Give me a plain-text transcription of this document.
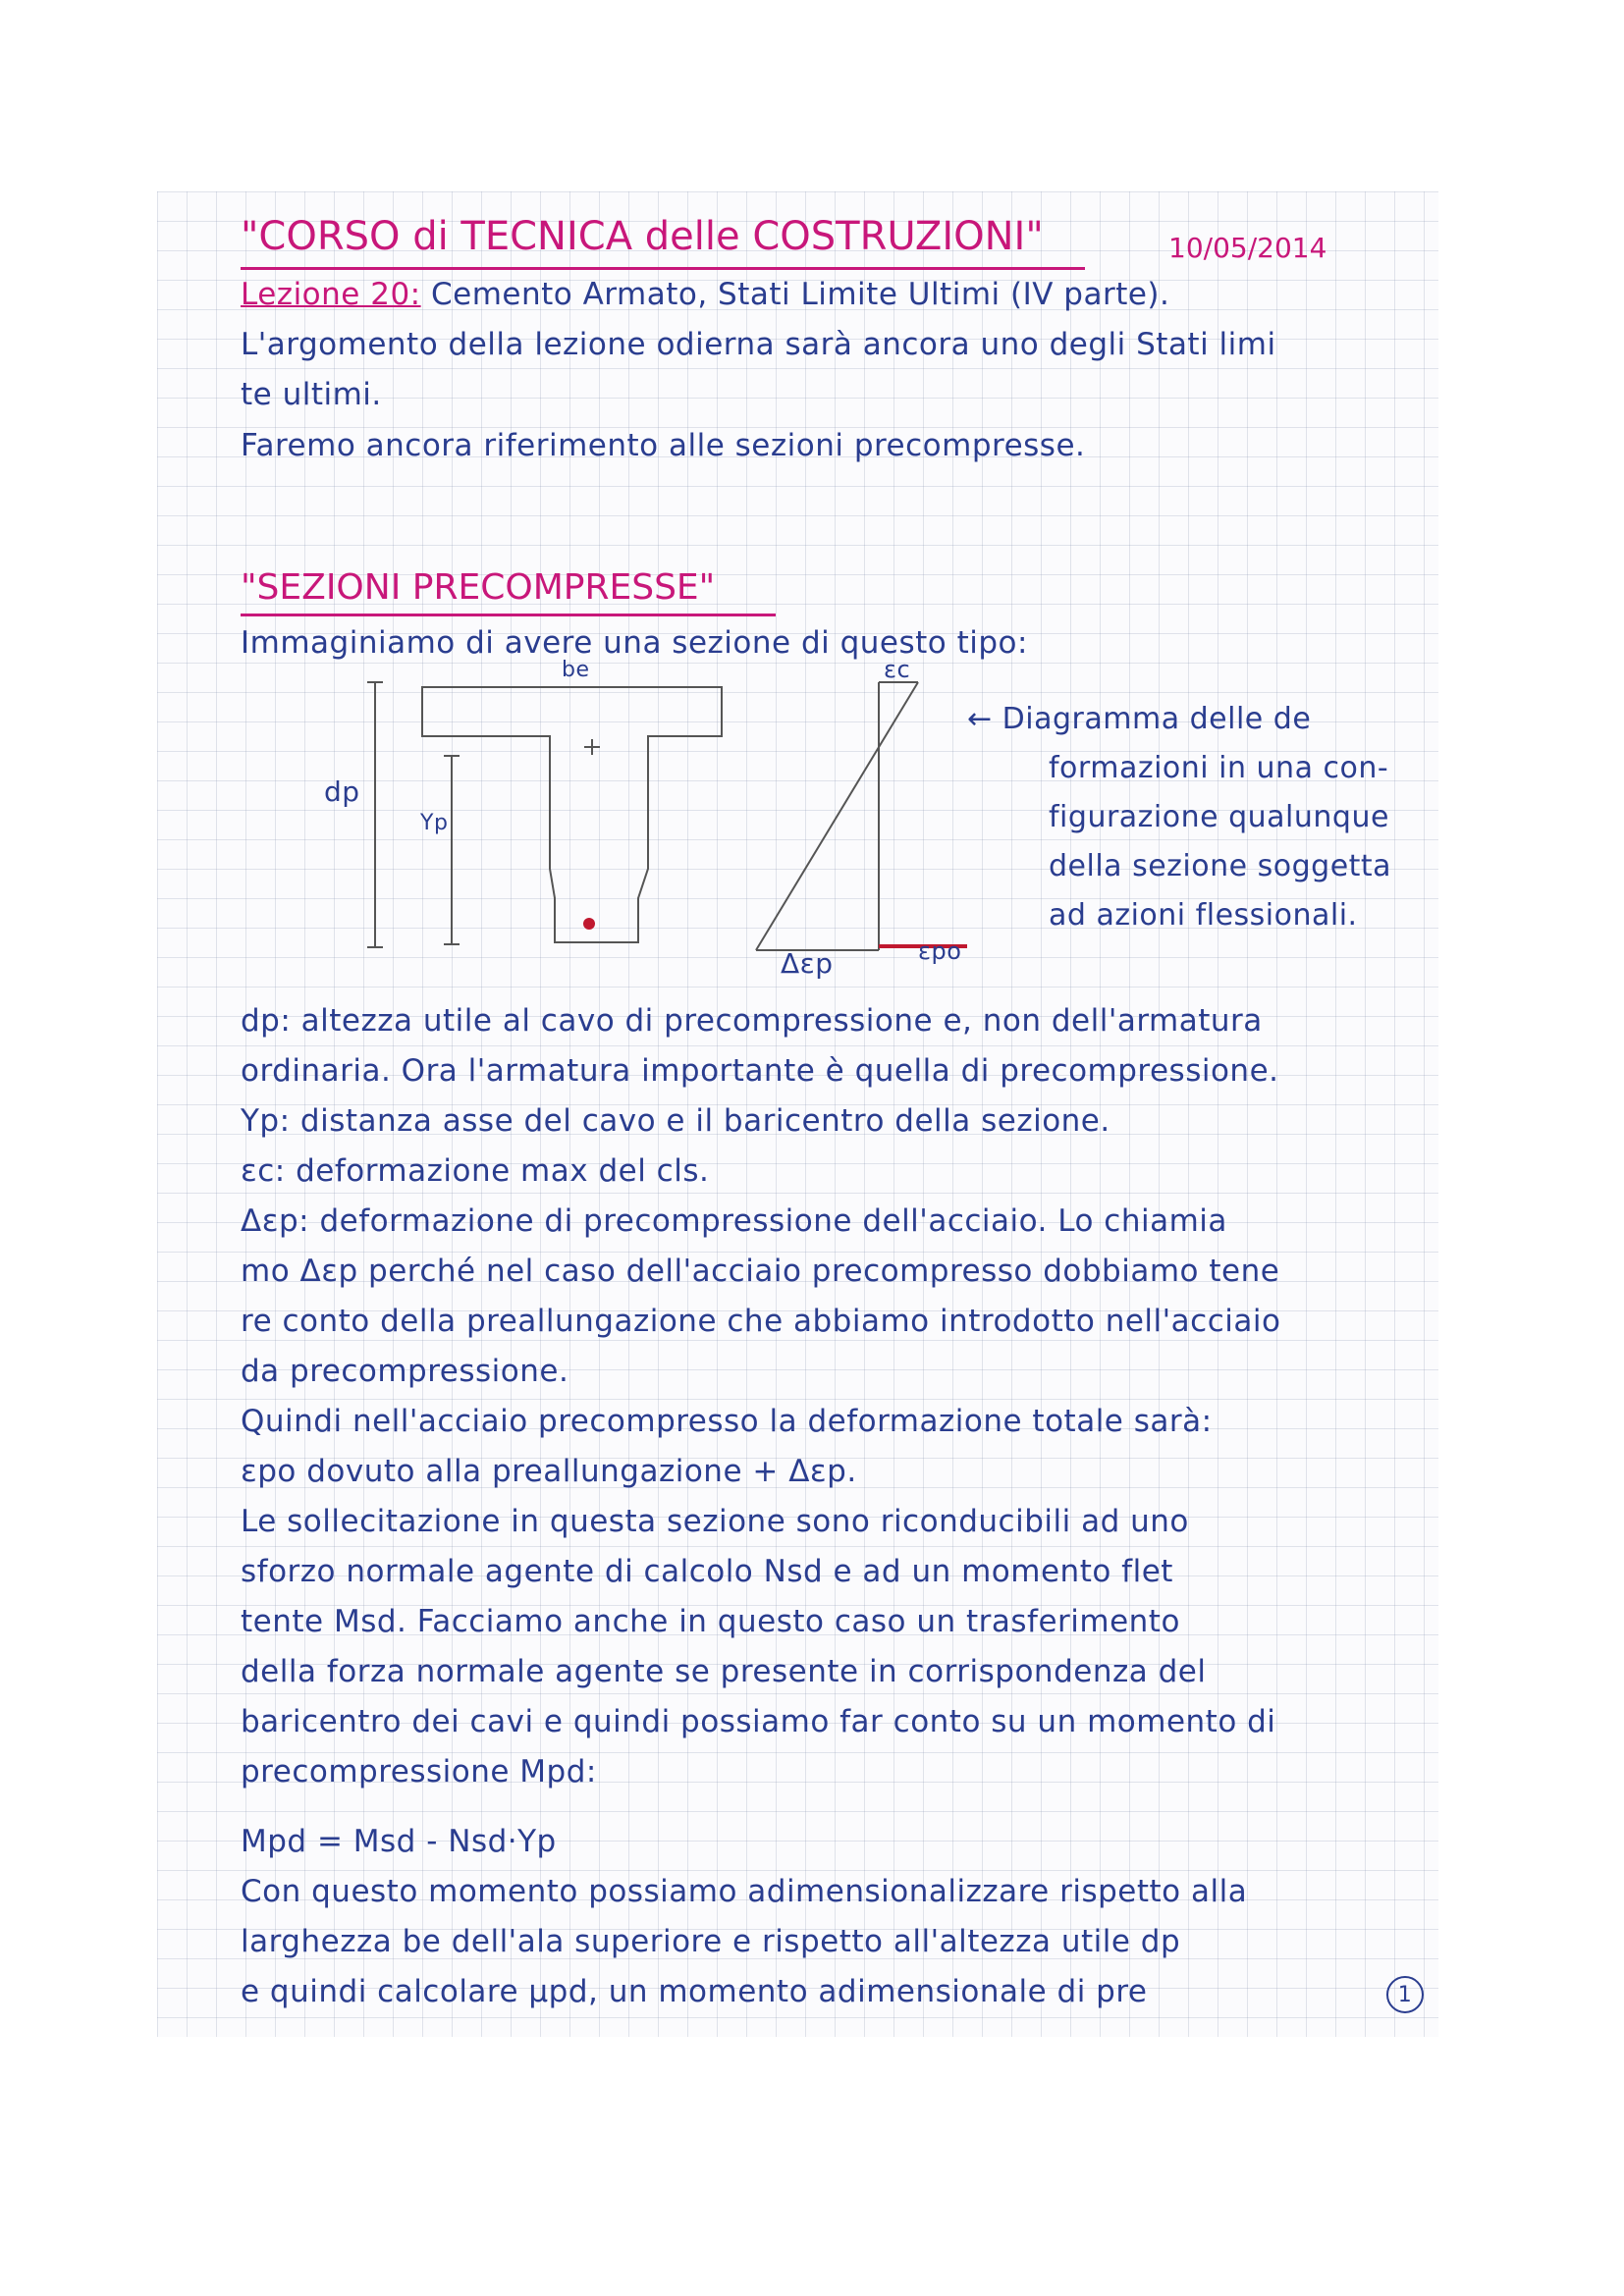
"CORSO di TECNICA delle COSTRUZIONI"	10/05/2014
Lezione 20: Cemento Armato, Stati Limite Ultimi (IV parte).
L'argomento della lezione odierna sarà ancora uno degli Stati limi
te ultimi.
Faremo ancora riferimento alle sezioni precompresse.
"SEZIONI PRECOMPRESSE"
Immaginiamo di avere una sezione di questo tipo:
be	εc
dp
Yp
Δεp	εpo
← Diagramma delle de
formazioni in una con-
figurazione qualunque
della sezione soggetta
ad azioni flessionali.
dp: altezza utile al cavo di precompressione e, non dell'armatura
ordinaria. Ora l'armatura importante è quella di precompressione.
Yp: distanza asse del cavo e il baricentro della sezione.
εc: deformazione max del cls.
Δεp: deformazione di precompressione dell'acciaio. Lo chiamia
mo Δεp perché nel caso dell'acciaio precompresso dobbiamo tene
re conto della preallungazione che abbiamo introdotto nell'acciaio
da precompressione.
Quindi nell'acciaio precompresso la deformazione totale sarà:
εpo dovuto alla preallungazione + Δεp.
Le sollecitazione in questa sezione sono riconducibili ad uno
sforzo normale agente di calcolo Nsd e ad un momento flet
tente Msd. Facciamo anche in questo caso un trasferimento
della forza normale agente se presente in corrispondenza del
baricentro dei cavi e quindi possiamo far conto su un momento di
precompressione Mpd:
Mpd = Msd - Nsd·Yp
Con questo momento possiamo adimensionalizzare rispetto alla
larghezza be dell'ala superiore e rispetto all'altezza utile dp
e quindi calcolare μpd, un momento adimensionale di pre	1
